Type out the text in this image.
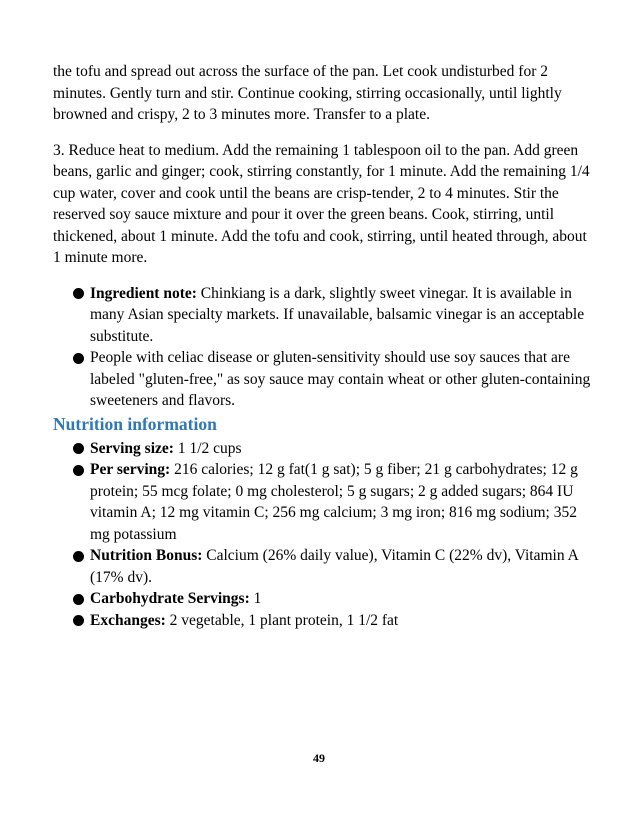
the tofu and spread out across the surface of the pan. Let cook undisturbed for 2 minutes. Gently turn and stir. Continue cooking, stirring occasionally, until lightly browned and crispy, 2 to 3 minutes more. Transfer to a plate.

3. Reduce heat to medium. Add the remaining 1 tablespoon oil to the pan. Add green beans, garlic and ginger; cook, stirring constantly, for 1 minute. Add the remaining 1/4 cup water, cover and cook until the beans are crisp-tender, 2 to 4 minutes. Stir the reserved soy sauce mixture and pour it over the green beans. Cook, stirring, until thickened, about 1 minute. Add the tofu and cook, stirring, until heated through, about 1 minute more.

Ingredient note: Chinkiang is a dark, slightly sweet vinegar. It is available in many Asian specialty markets. If unavailable, balsamic vinegar is an acceptable substitute.
People with celiac disease or gluten-sensitivity should use soy sauces that are labeled "gluten-free," as soy sauce may contain wheat or other gluten-containing sweeteners and flavors.
Nutrition information
Serving size: 1 1/2 cups
Per serving: 216 calories; 12 g fat(1 g sat); 5 g fiber; 21 g carbohydrates; 12 g protein; 55 mcg folate; 0 mg cholesterol; 5 g sugars; 2 g added sugars; 864 IU vitamin A; 12 mg vitamin C; 256 mg calcium; 3 mg iron; 816 mg sodium; 352 mg potassium
Nutrition Bonus: Calcium (26% daily value), Vitamin C (22% dv), Vitamin A (17% dv).
Carbohydrate Servings: 1
Exchanges: 2 vegetable, 1 plant protein, 1 1/2 fat
49
